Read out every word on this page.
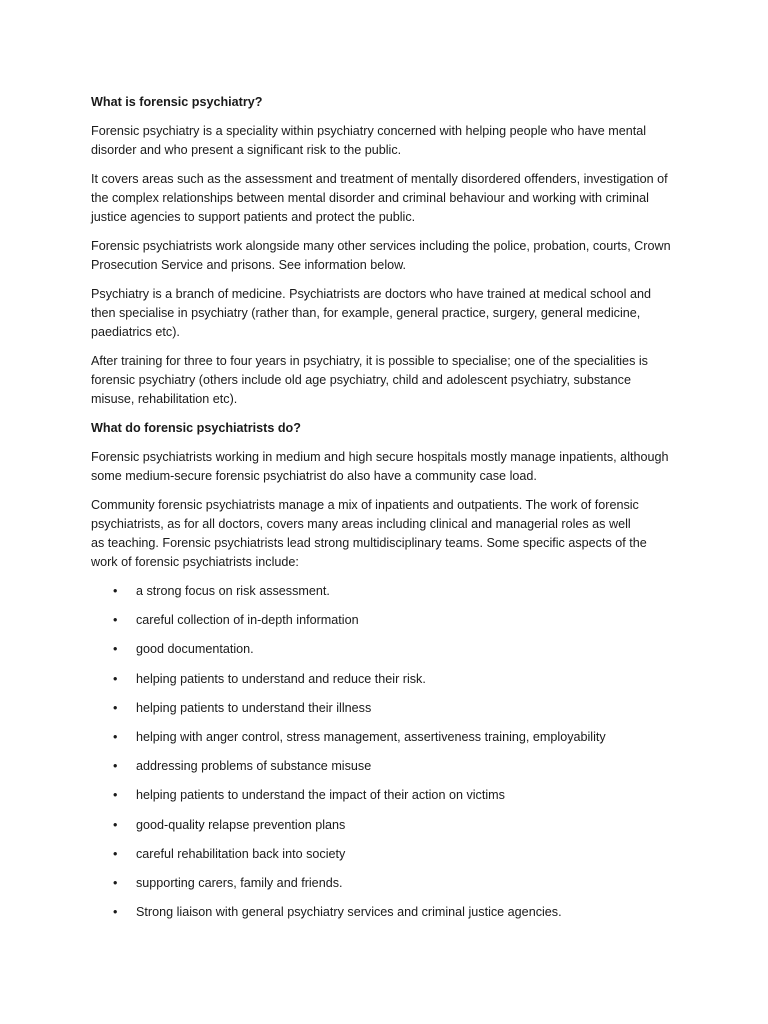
What is forensic psychiatry?

Forensic psychiatry is a speciality within psychiatry concerned with helping people who have mental
disorder and who present a significant risk to the public.

It covers areas such as the assessment and treatment of mentally disordered offenders, investigation of
the complex relationships between mental disorder and criminal behaviour and working with criminal
justice agencies to support patients and protect the public.

Forensic psychiatrists work alongside many other services including the police, probation, courts, Crown
Prosecution Service and prisons. See information below.

Psychiatry is a branch of medicine. Psychiatrists are doctors who have trained at medical school and
then specialise in psychiatry (rather than, for example, general practice, surgery, general medicine,
paediatrics etc).

After training for three to four years in psychiatry, it is possible to specialise; one of the specialities is
forensic psychiatry (others include old age psychiatry, child and adolescent psychiatry, substance
misuse, rehabilitation etc).

What do forensic psychiatrists do?

Forensic psychiatrists working in medium and high secure hospitals mostly manage inpatients, although
some medium-secure forensic psychiatrist do also have a community case load.

Community forensic psychiatrists manage a mix of inpatients and outpatients. The work of forensic
psychiatrists, as for all doctors, covers many areas including clinical and managerial roles as well
as teaching. Forensic psychiatrists lead strong multidisciplinary teams. Some specific aspects of the
work of forensic psychiatrists include:

• a strong focus on risk assessment.
• careful collection of in-depth information
• good documentation.
• helping patients to understand and reduce their risk.
• helping patients to understand their illness
• helping with anger control, stress management, assertiveness training, employability
• addressing problems of substance misuse
• helping patients to understand the impact of their action on victims
• good-quality relapse prevention plans
• careful rehabilitation back into society
• supporting carers, family and friends.
• Strong liaison with general psychiatry services and criminal justice agencies.
